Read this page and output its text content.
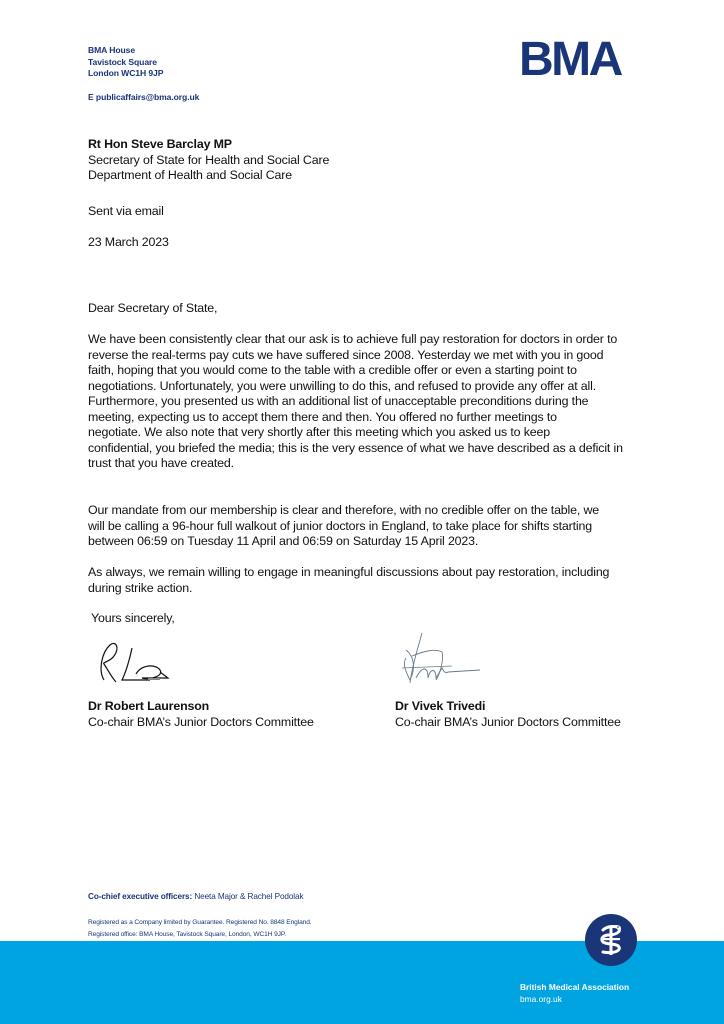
BMA House
Tavistock Square
London WC1H 9JP
E publicaffairs@bma.org.uk
BMA
Rt Hon Steve Barclay MP
Secretary of State for Health and Social Care
Department of Health and Social Care
Sent via email
23 March 2023
Dear Secretary of State,
We have been consistently clear that our ask is to achieve full pay restoration for doctors in order to
reverse the real-terms pay cuts we have suffered since 2008. Yesterday we met with you in good
faith, hoping that you would come to the table with a credible offer or even a starting point to
negotiations. Unfortunately, you were unwilling to do this, and refused to provide any offer at all.
Furthermore, you presented us with an additional list of unacceptable preconditions during the
meeting, expecting us to accept them there and then. You offered no further meetings to
negotiate. We also note that very shortly after this meeting which you asked us to keep
confidential, you briefed the media; this is the very essence of what we have described as a deficit in
trust that you have created.
Our mandate from our membership is clear and therefore, with no credible offer on the table, we
will be calling a 96-hour full walkout of junior doctors in England, to take place for shifts starting
between 06:59 on Tuesday 11 April and 06:59 on Saturday 15 April 2023.
As always, we remain willing to engage in meaningful discussions about pay restoration, including
during strike action.
Yours sincerely,
Dr Robert Laurenson
Co-chair BMA’s Junior Doctors Committee
Dr Vivek Trivedi
Co-chair BMA’s Junior Doctors Committee
Co-chief executive officers: Neeta Major & Rachel Podolak
Registered as a Company limited by Guarantee. Registered No. 8848 England.
Registered office: BMA House, Tavistock Square, London, WC1H 9JP.
British Medical Association
bma.org.uk
